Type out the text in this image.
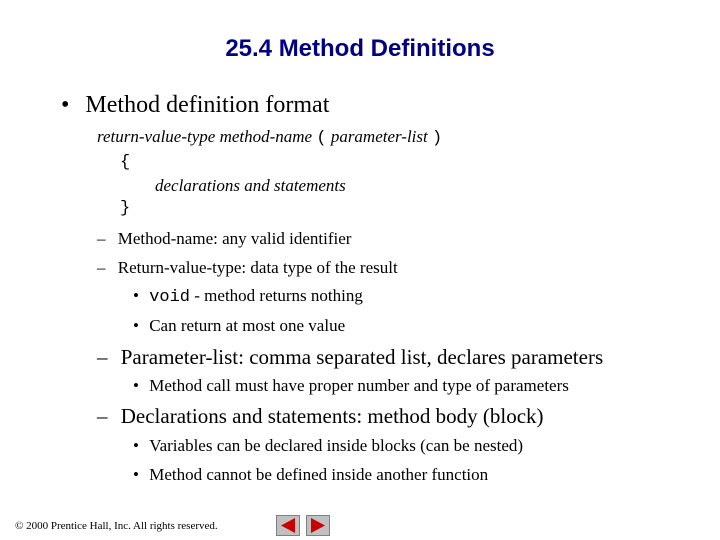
25.4 Method Definitions
• Method definition format
return-value-type method-name ( parameter-list )
{
declarations and statements
}
– Method-name: any valid identifier
– Return-value-type: data type of the result
• void - method returns nothing
• Can return at most one value
– Parameter-list: comma separated list, declares parameters
• Method call must have proper number and type of parameters
– Declarations and statements: method body (block)
• Variables can be declared inside blocks (can be nested)
• Method cannot be defined inside another function
© 2000 Prentice Hall, Inc. All rights reserved.
